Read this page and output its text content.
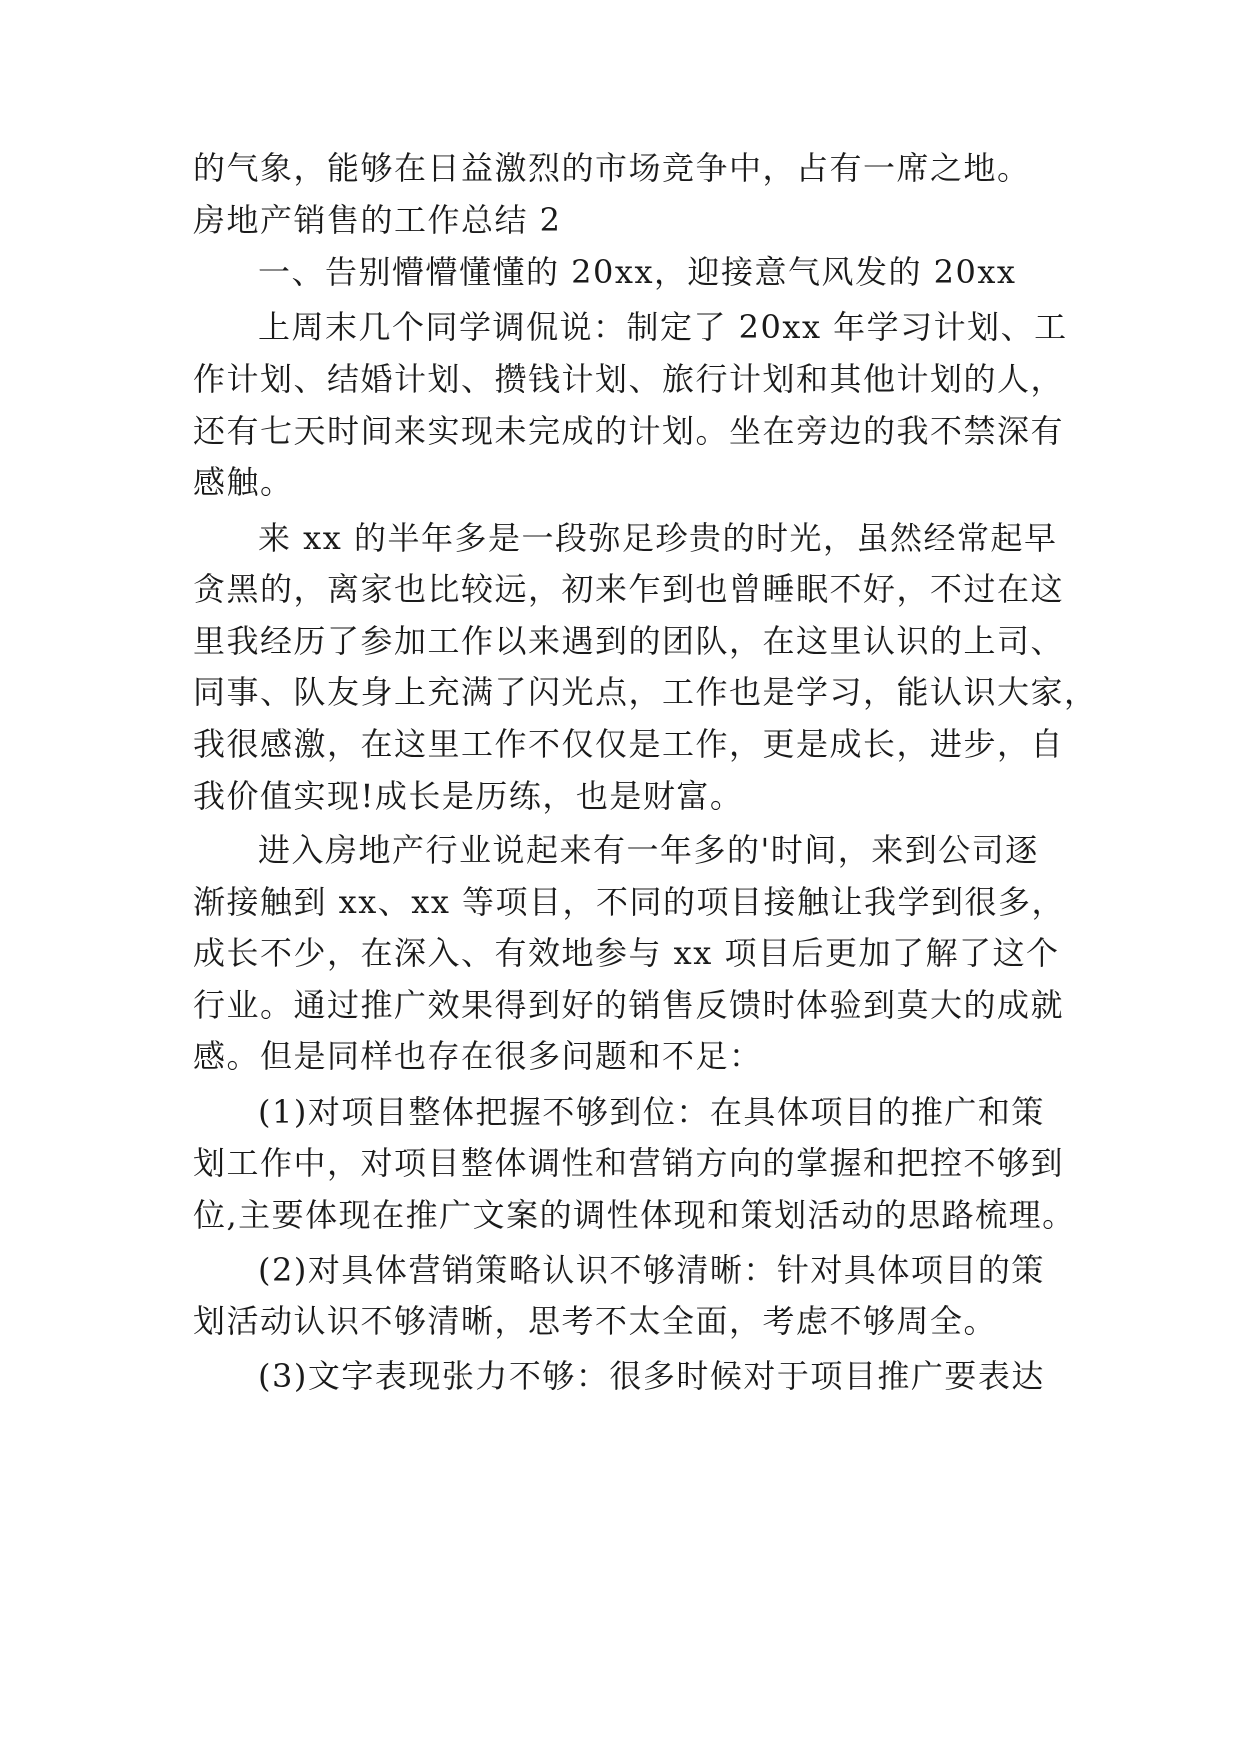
的气象，能够在日益激烈的市场竞争中，占有一席之地。
房地产销售的工作总结 2
一、告别懵懵懂懂的 20xx，迎接意气风发的 20xx
上周末几个同学调侃说：制定了 20xx 年学习计划、工
作计划、结婚计划、攒钱计划、旅行计划和其他计划的人，
还有七天时间来实现未完成的计划。坐在旁边的我不禁深有
感触。
来 xx 的半年多是一段弥足珍贵的时光，虽然经常起早
贪黑的，离家也比较远，初来乍到也曾睡眠不好，不过在这
里我经历了参加工作以来遇到的团队，在这里认识的上司、
同事、队友身上充满了闪光点，工作也是学习，能认识大家，
我很感激，在这里工作不仅仅是工作，更是成长，进步，自
我价值实现!成长是历练，也是财富。
进入房地产行业说起来有一年多的'时间，来到公司逐
渐接触到 xx、xx 等项目，不同的项目接触让我学到很多，
成长不少，在深入、有效地参与 xx 项目后更加了解了这个
行业。通过推广效果得到好的销售反馈时体验到莫大的成就
感。但是同样也存在很多问题和不足：
(1)对项目整体把握不够到位：在具体项目的推广和策
划工作中，对项目整体调性和营销方向的掌握和把控不够到
位,主要体现在推广文案的调性体现和策划活动的思路梳理。
(2)对具体营销策略认识不够清晰：针对具体项目的策
划活动认识不够清晰，思考不太全面，考虑不够周全。
(3)文字表现张力不够：很多时候对于项目推广要表达
